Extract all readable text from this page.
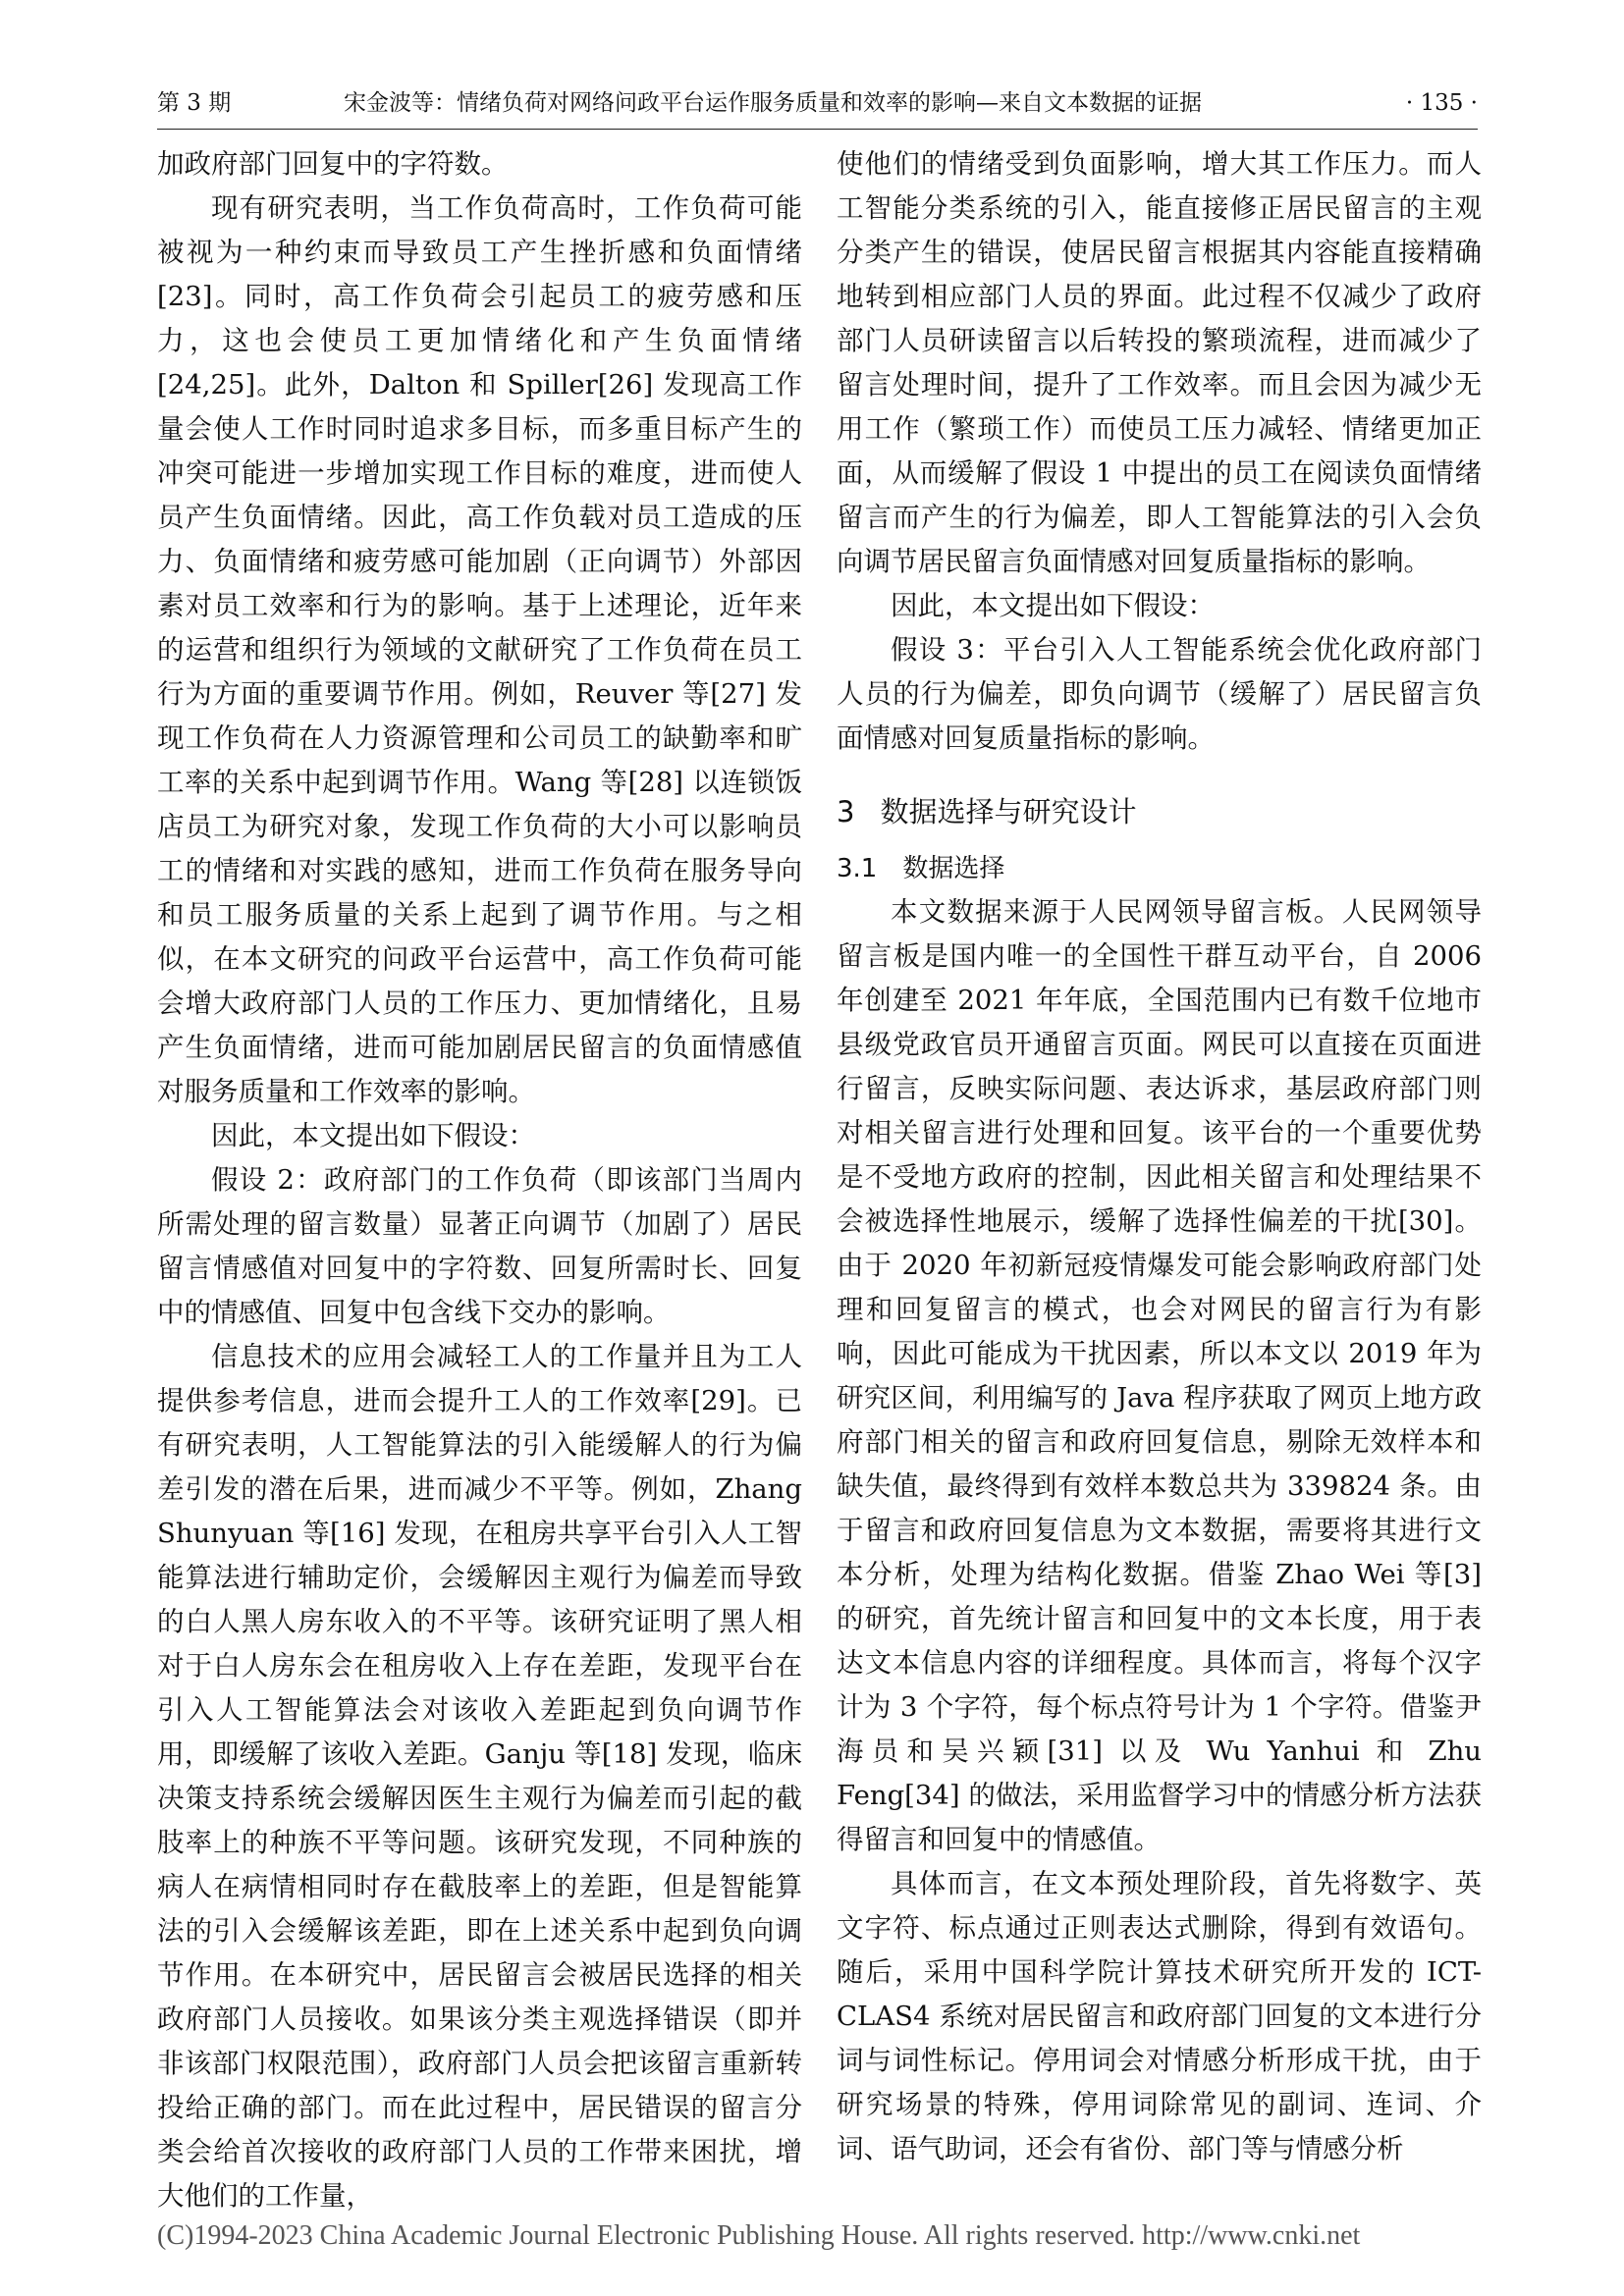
第 3 期	宋金波等：情绪负荷对网络问政平台运作服务质量和效率的影响—来自文本数据的证据	· 135 ·

加政府部门回复中的字符数。

现有研究表明，当工作负荷高时，工作负荷可能被视为一种约束而导致员工产生挫折感和负面情绪[23]。同时，高工作负荷会引起员工的疲劳感和压力，这也会使员工更加情绪化和产生负面情绪[24,25]。此外，Dalton 和 Spiller[26] 发现高工作量会使人工作时同时追求多目标，而多重目标产生的冲突可能进一步增加实现工作目标的难度，进而使人员产生负面情绪。因此，高工作负载对员工造成的压力、负面情绪和疲劳感可能加剧（正向调节）外部因素对员工效率和行为的影响。基于上述理论，近年来的运营和组织行为领域的文献研究了工作负荷在员工行为方面的重要调节作用。例如，Reuver 等[27] 发现工作负荷在人力资源管理和公司员工的缺勤率和旷工率的关系中起到调节作用。Wang 等[28] 以连锁饭店员工为研究对象，发现工作负荷的大小可以影响员工的情绪和对实践的感知，进而工作负荷在服务导向和员工服务质量的关系上起到了调节作用。与之相似，在本文研究的问政平台运营中，高工作负荷可能会增大政府部门人员的工作压力、更加情绪化，且易产生负面情绪，进而可能加剧居民留言的负面情感值对服务质量和工作效率的影响。

因此，本文提出如下假设：

假设 2：政府部门的工作负荷（即该部门当周内所需处理的留言数量）显著正向调节（加剧了）居民留言情感值对回复中的字符数、回复所需时长、回复中的情感值、回复中包含线下交办的影响。

信息技术的应用会减轻工人的工作量并且为工人提供参考信息，进而会提升工人的工作效率[29]。已有研究表明，人工智能算法的引入能缓解人的行为偏差引发的潜在后果，进而减少不平等。例如，Zhang Shunyuan 等[16] 发现，在租房共享平台引入人工智能算法进行辅助定价，会缓解因主观行为偏差而导致的白人黑人房东收入的不平等。该研究证明了黑人相对于白人房东会在租房收入上存在差距，发现平台在引入人工智能算法会对该收入差距起到负向调节作用，即缓解了该收入差距。Ganju 等[18] 发现，临床决策支持系统会缓解因医生主观行为偏差而引起的截肢率上的种族不平等问题。该研究发现，不同种族的病人在病情相同时存在截肢率上的差距，但是智能算法的引入会缓解该差距，即在上述关系中起到负向调节作用。在本研究中，居民留言会被居民选择的相关政府部门人员接收。如果该分类主观选择错误（即并非该部门权限范围），政府部门人员会把该留言重新转投给正确的部门。而在此过程中，居民错误的留言分类会给首次接收的政府部门人员的工作带来困扰，增大他们的工作量，

使他们的情绪受到负面影响，增大其工作压力。而人工智能分类系统的引入，能直接修正居民留言的主观分类产生的错误，使居民留言根据其内容能直接精确地转到相应部门人员的界面。此过程不仅减少了政府部门人员研读留言以后转投的繁琐流程，进而减少了留言处理时间，提升了工作效率。而且会因为减少无用工作（繁琐工作）而使员工压力减轻、情绪更加正面，从而缓解了假设 1 中提出的员工在阅读负面情绪留言而产生的行为偏差，即人工智能算法的引入会负向调节居民留言负面情感对回复质量指标的影响。

因此，本文提出如下假设：

假设 3：平台引入人工智能系统会优化政府部门人员的行为偏差，即负向调节（缓解了）居民留言负面情感对回复质量指标的影响。

3 数据选择与研究设计
3.1 数据选择

本文数据来源于人民网领导留言板。人民网领导留言板是国内唯一的全国性干群互动平台，自 2006 年创建至 2021 年年底，全国范围内已有数千位地市县级党政官员开通留言页面。网民可以直接在页面进行留言，反映实际问题、表达诉求，基层政府部门则对相关留言进行处理和回复。该平台的一个重要优势是不受地方政府的控制，因此相关留言和处理结果不会被选择性地展示，缓解了选择性偏差的干扰[30]。由于 2020 年初新冠疫情爆发可能会影响政府部门处理和回复留言的模式，也会对网民的留言行为有影响，因此可能成为干扰因素，所以本文以 2019 年为研究区间，利用编写的 Java 程序获取了网页上地方政府部门相关的留言和政府回复信息，剔除无效样本和缺失值，最终得到有效样本数总共为 339824 条。由于留言和政府回复信息为文本数据，需要将其进行文本分析，处理为结构化数据。借鉴 Zhao Wei 等[3] 的研究，首先统计留言和回复中的文本长度，用于表达文本信息内容的详细程度。具体而言，将每个汉字计为 3 个字符，每个标点符号计为 1 个字符。借鉴尹海员和吴兴颖[31] 以及 Wu Yanhui 和 Zhu Feng[34] 的做法，采用监督学习中的情感分析方法获得留言和回复中的情感值。

具体而言，在文本预处理阶段，首先将数字、英文字符、标点通过正则表达式删除，得到有效语句。随后，采用中国科学院计算技术研究所开发的 ICT-CLAS4 系统对居民留言和政府部门回复的文本进行分词与词性标记。停用词会对情感分析形成干扰，由于研究场景的特殊，停用词除常见的副词、连词、介词、语气助词，还会有省份、部门等与情感分析

(C)1994-2023 China Academic Journal Electronic Publishing House. All rights reserved. http://www.cnki.net
